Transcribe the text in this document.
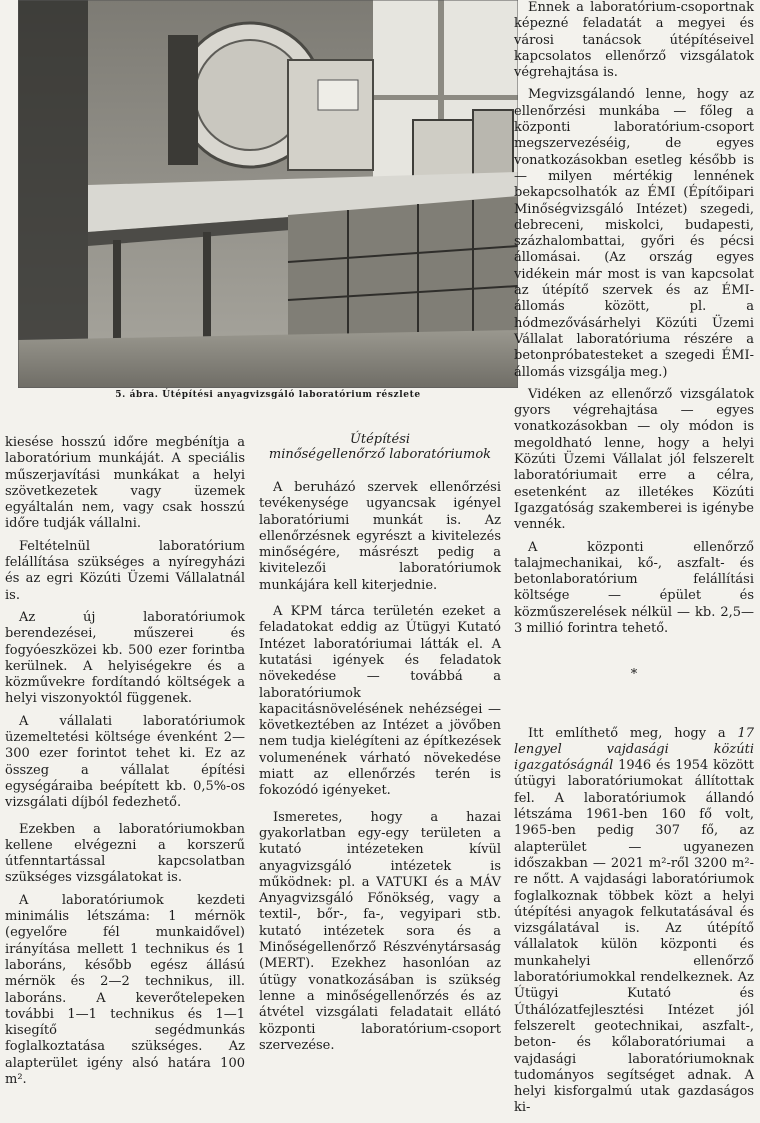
5. ábra. Útépítési anyagvizsgáló laboratórium részlete

kiesése hosszú időre megbénítja a laboratórium munkáját. A speciális műszerjavítási munkákat a helyi szövetkezetek vagy üzemek egyáltalán nem, vagy csak hosszú időre tudják vállalni.

Feltételnül laboratórium felállítása szükséges a nyíregyházi és az egri Közúti Üzemi Vállalatnál is.

Az új laboratóriumok berendezései, műszerei és fogyóeszközei kb. 500 ezer forintba kerülnek. A helyiségekre és a közművekre fordítandó költségek a helyi viszonyoktól függenek.

A vállalati laboratóriumok üzemeltetési költsége évenként 2—300 ezer forintot tehet ki. Ez az összeg a vállalat építési egységáraiba beépített kb. 0,5%-os vizsgálati díjból fedezhető.

Ezekben a laboratóriumokban kellene elvégezni a korszerű útfenntartással kapcsolatban szükséges vizsgálatokat is.

A laboratóriumok kezdeti minimális létszáma: 1 mérnök (egyelőre fél munkaidővel) irányítása mellett 1 technikus és 1 laboráns, később egész állású mérnök és 2—2 technikus, ill. laboráns. A keverőtelepeken további 1—1 technikus és 1—1 kisegítő segédmunkás foglalkoztatása szükséges. Az alapterület igény alsó határa 100 m².

Útépítési
minőségellenőrző laboratóriumok

A beruházó szervek ellenőrzési tevékenysége ugyancsak igényel laboratóriumi munkát is. Az ellenőrzésnek egyrészt a kivitelezés minőségére, másrészt pedig a kivitelezői laboratóriumok munkájára kell kiterjednie.

A KPM tárca területén ezeket a feladatokat eddig az Útügyi Kutató Intézet laboratóriumai látták el. A kutatási igények és feladatok növekedése — továbbá a laboratóriumok kapacitásnövelésének nehézségei — következtében az Intézet a jövőben nem tudja kielégíteni az építkezések volumenének várható növekedése miatt az ellenőrzés terén is fokozódó igényeket.

Ismeretes, hogy a hazai gyakorlatban egy-egy területen a kutató intézeteken kívül anyagvizsgáló intézetek is működnek: pl. a VATUKI és a MÁV Anyagvizsgáló Főnökség, vagy a textil-, bőr-, fa-, vegyipari stb. kutató intézetek sora és a Minőségellenőrző Részvénytársaság (MERT). Ezekhez hasonlóan az útügy vonatkozásában is szükség lenne a minőségellenőrzés és az átvétel vizsgálati feladatait ellátó központi laboratórium-csoport szervezése.

Ennek a laboratórium-csoportnak képezné feladatát a megyei és városi tanácsok útépítéseivel kapcsolatos ellenőrző vizsgálatok végrehajtása is.

Megvizsgálandó lenne, hogy az ellenőrzési munkába — főleg a központi laboratórium-csoport megszervezéséig, de egyes vonatkozásokban esetleg később is — milyen mértékig lennének bekapcsolhatók az ÉMI (Építőipari Minőségvizsgáló Intézet) szegedi, debreceni, miskolci, budapesti, százhalombattai, győri és pécsi állomásai. (Az ország egyes vidékein már most is van kapcsolat az útépítő szervek és az ÉMI-állomás között, pl. a hódmezővásárhelyi Közúti Üzemi Vállalat laboratóriuma részére a betonpróbatesteket a szegedi ÉMI-állomás vizsgálja meg.)

Vidéken az ellenőrző vizsgálatok gyors végrehajtása — egyes vonatkozásokban — oly módon is megoldható lenne, hogy a helyi Közúti Üzemi Vállalat jól felszerelt laboratóriumait erre a célra, esetenként az illetékes Közúti Igazgatóság szakemberei is igénybe vennék.

A központi ellenőrző talajmechanikai, kő-, aszfalt- és betonlaboratórium felállítási költsége — épület és közműszerelések nélkül — kb. 2,5—3 millió forintra tehető.

*

Itt említhető meg, hogy a 17 lengyel vajdasági közúti igazgatóságnál 1946 és 1954 között útügyi laboratóriumokat állítottak fel. A laboratóriumok állandó létszáma 1961-ben 160 fő volt, 1965-ben pedig 307 fő, az alapterület — ugyanezen időszakban — 2021 m²-ről 3200 m²-re nőtt. A vajdasági laboratóriumok foglalkoznak többek közt a helyi útépítési anyagok felkutatásával és vizsgálatával is. Az útépítő vállalatok külön központi és munkahelyi ellenőrző laboratóriumokkal rendelkeznek. Az Útügyi Kutató és Úthálózatfejlesztési Intézet jól felszerelt geotechnikai, aszfalt-, beton- és kőlaboratóriumai a vajdasági laboratóriumoknak tudományos segítséget adnak. A helyi kisforgalmú utak gazdaságos ki-
